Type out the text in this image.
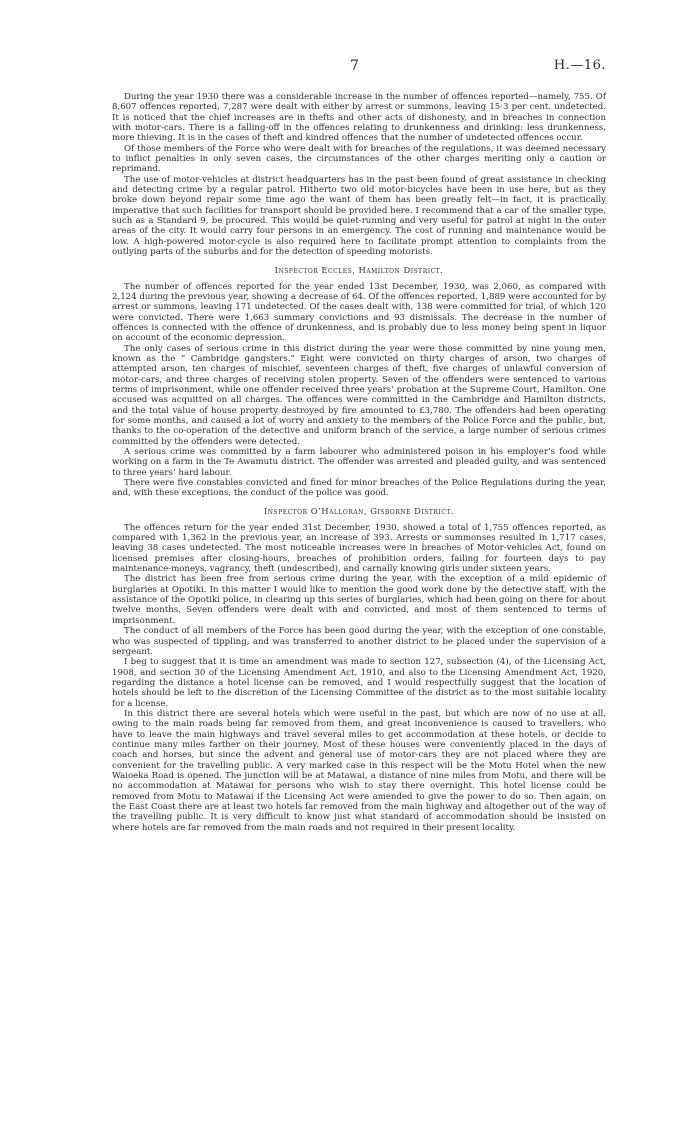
7	H.—16.

During the year 1930 there was a considerable increase in the number of offences reported—namely, 755. Of 8,607 offences reported, 7,287 were dealt with either by arrest or summons, leaving 15·3 per cent. undetected. It is noticed that the chief increases are in thefts and other acts of dishonesty, and in breaches in connection with motor-cars. There is a falling-off in the offences relating to drunkenness and drinking: less drunkenness, more thieving. It is in the cases of theft and kindred offences that the number of undetected offences occur.

Of those members of the Force who were dealt with for breaches of the regulations, it was deemed necessary to inflict penalties in only seven cases, the circumstances of the other charges meriting only a caution or reprimand.

The use of motor-vehicles at district headquarters has in the past been found of great assistance in checking and detecting crime by a regular patrol. Hitherto two old motor-bicycles have been in use here, but as they broke down beyond repair some time ago the want of them has been greatly felt—in fact, it is practically imperative that such facilities for transport should be provided here. I recommend that a car of the smaller type, such as a Standard 9, be procured. This would be quiet-running and very useful for patrol at night in the outer areas of the city. It would carry four persons in an emergency. The cost of running and maintenance would be low. A high-powered motor-cycle is also required here to facilitate prompt attention to complaints from the outlying parts of the suburbs and for the detection of speeding motorists.

Inspector Eccles, Hamilton District.

The number of offences reported for the year ended 13st December, 1930, was 2,060, as compared with 2,124 during the previous year, showing a decrease of 64. Of the offences reported, 1,889 were accounted for by arrest or summons, leaving 171 undetected. Of the cases dealt with, 138 were committed for trial, of which 120 were convicted. There were 1,663 summary convictions and 93 dismissals. The decrease in the number of offences is connected with the offence of drunkenness, and is probably due to less money being spent in liquor on account of the economic depression.

The only cases of serious crime in this district during the year were those committed by nine young men, known as the “ Cambridge gangsters.” Eight were convicted on thirty charges of arson, two charges of attempted arson, ten charges of mischief, seventeen charges of theft, five charges of unlawful conversion of motor-cars, and three charges of receiving stolen property. Seven of the offenders were sentenced to various terms of imprisonment, while one offender received three years’ probation at the Supreme Court, Hamilton. One accused was acquitted on all charges. The offences were committed in the Cambridge and Hamilton districts, and the total value of house property destroyed by fire amounted to £3,780. The offenders had been operating for some months, and caused a lot of worry and anxiety to the members of the Police Force and the public, but, thanks to the co-operation of the detective and uniform branch of the service, a large number of serious crimes committed by the offenders were detected.

A serious crime was committed by a farm labourer who administered poison in his employer’s food while working on a farm in the Te Awamutu district. The offender was arrested and pleaded guilty, and was sentenced to three years’ hard labour.

There were five constables convicted and fined for minor breaches of the Police Regulations during the year, and, with these exceptions, the conduct of the police was good.

Inspector O’Halloran, Gisborne District.

The offences return for the year ended 31st December, 1930, showed a total of 1,755 offences reported, as compared with 1,362 in the previous year, an increase of 393. Arrests or summonses resulted in 1,717 cases, leaving 38 cases undetected. The most noticeable increases were in breaches of Motor-vehicles Act, found on licensed premises after closing-hours, breaches of prohibition orders, failing for fourteen days to pay maintenance-moneys, vagrancy, theft (undescribed), and carnally knowing girls under sixteen years.

The district has been free from serious crime during the year, with the exception of a mild epidemic of burglaries at Opotiki. In this matter I would like to mention the good work done by the detective staff, with the assistance of the Opotiki police, in clearing up this series of burglaries, which had been going on there for about twelve months. Seven offenders were dealt with and convicted, and most of them sentenced to terms of imprisonment.

The conduct of all members of the Force has been good during the year, with the exception of one constable, who was suspected of tippling, and was transferred to another district to be placed under the supervision of a sergeant.

I beg to suggest that it is time an amendment was made to section 127, subsection (4), of the Licensing Act, 1908, and section 30 of the Licensing Amendment Act, 1910, and also to the Licensing Amendment Act, 1920, regarding the distance a hotel license can be removed, and I would respectfully suggest that the location of hotels should be left to the discretion of the Licensing Committee of the district as to the most suitable locality for a license.

In this district there are several hotels which were useful in the past, but which are now of no use at all, owing to the main roads being far removed from them, and great inconvenience is caused to travellers, who have to leave the main highways and travel several miles to get accommodation at these hotels, or decide to continue many miles farther on their journey. Most of these houses were conveniently placed in the days of coach and horses, but since the advent and general use of motor-cars they are not placed where they are convenient for the travelling public. A very marked case in this respect will be the Motu Hotel when the new Waioeka Road is opened. The junction will be at Matawai, a distance of nine miles from Motu, and there will be no accommodation at Matawai for persons who wish to stay there overnight. This hotel license could be removed from Motu to Matawai if the Licensing Act were amended to give the power to do so. Then again, on the East Coast there are at least two hotels far removed from the main highway and altogether out of the way of the travelling public. It is very difficult to know just what standard of accommodation should be insisted on where hotels are far removed from the main roads and not required in their present locality.
